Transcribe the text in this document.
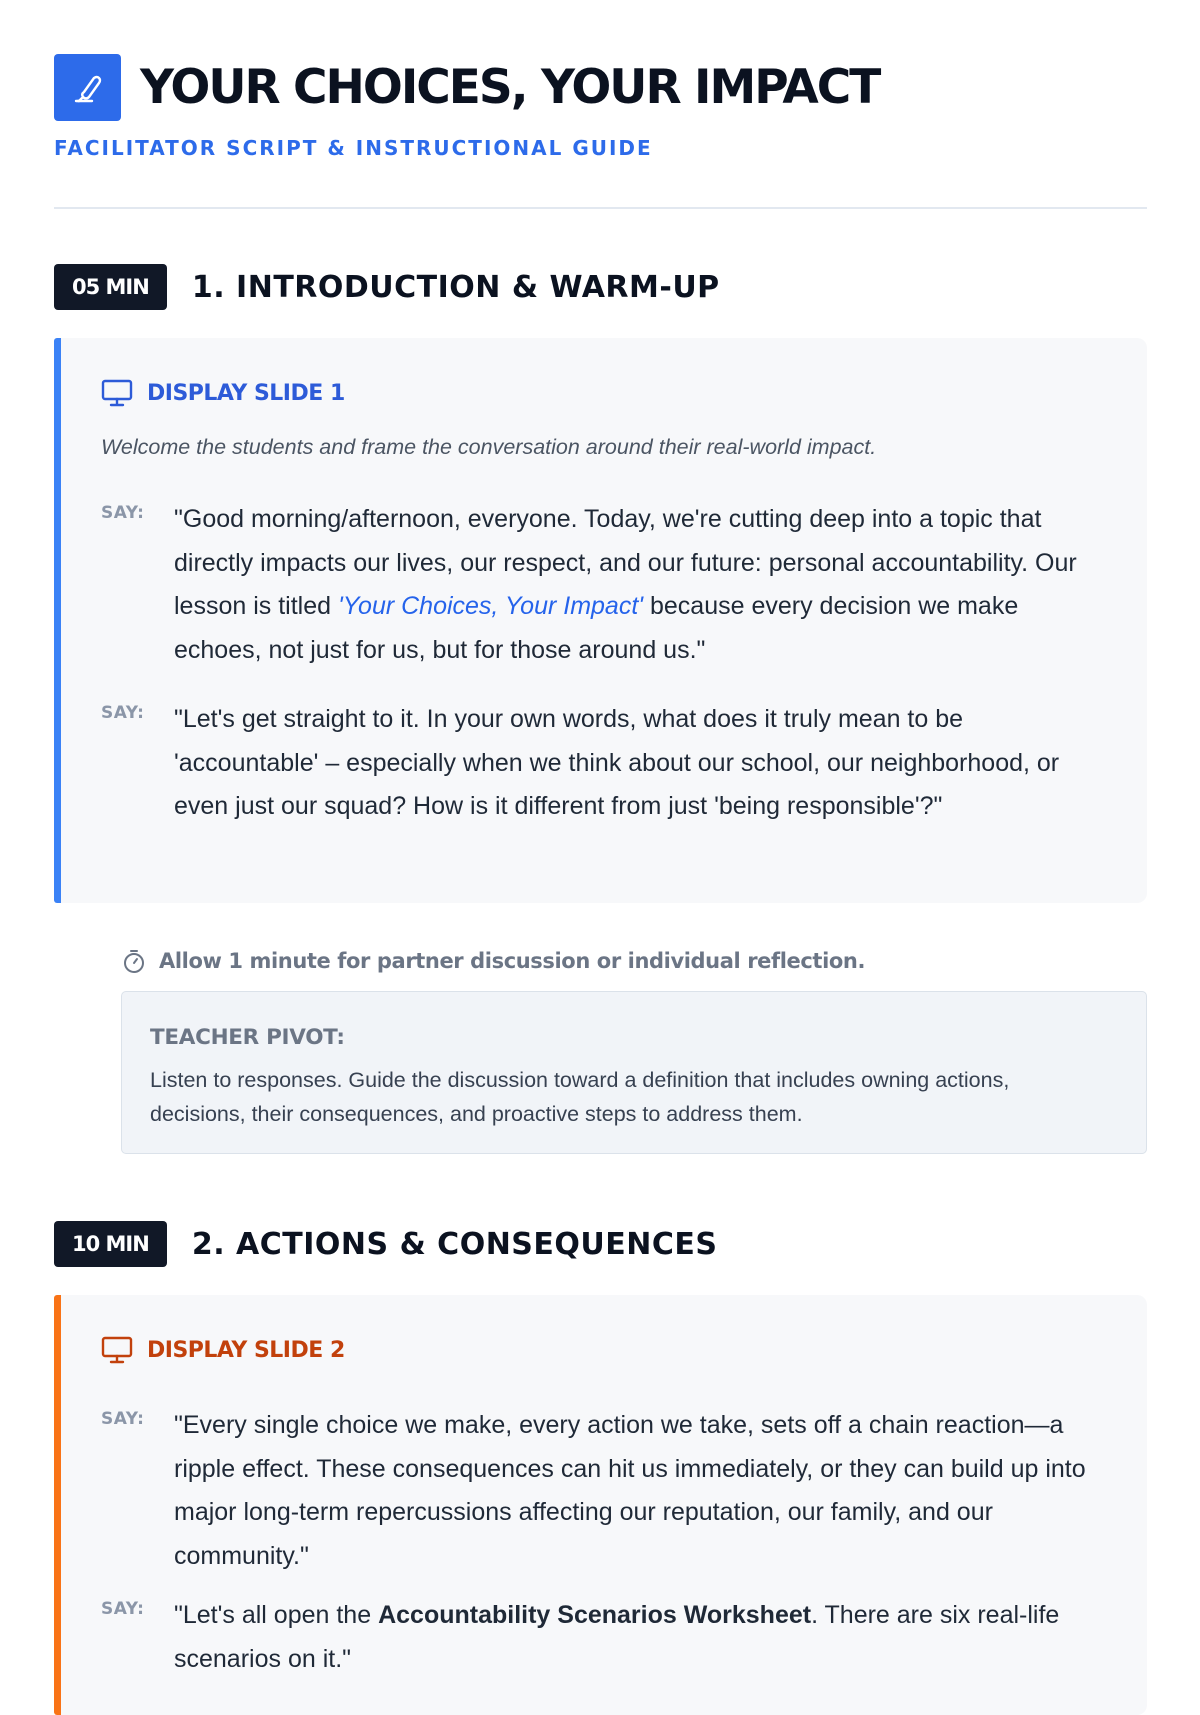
YOUR CHOICES, YOUR IMPACT
FACILITATOR SCRIPT & INSTRUCTIONAL GUIDE
05 MIN	1. INTRODUCTION & WARM-UP
DISPLAY SLIDE 1
Welcome the students and frame the conversation around their real-world impact.
SAY: "Good morning/afternoon, everyone. Today, we're cutting deep into a topic that directly impacts our lives, our respect, and our future: personal accountability. Our lesson is titled 'Your Choices, Your Impact' because every decision we make echoes, not just for us, but for those around us."
SAY: "Let's get straight to it. In your own words, what does it truly mean to be 'accountable' – especially when we think about our school, our neighborhood, or even just our squad? How is it different from just 'being responsible'?"
Allow 1 minute for partner discussion or individual reflection.
TEACHER PIVOT:
Listen to responses. Guide the discussion toward a definition that includes owning actions, decisions, their consequences, and proactive steps to address them.
10 MIN	2. ACTIONS & CONSEQUENCES
DISPLAY SLIDE 2
SAY: "Every single choice we make, every action we take, sets off a chain reaction—a ripple effect. These consequences can hit us immediately, or they can build up into major long-term repercussions affecting our reputation, our family, and our community."
SAY: "Let's all open the Accountability Scenarios Worksheet. There are six real-life scenarios on it."
